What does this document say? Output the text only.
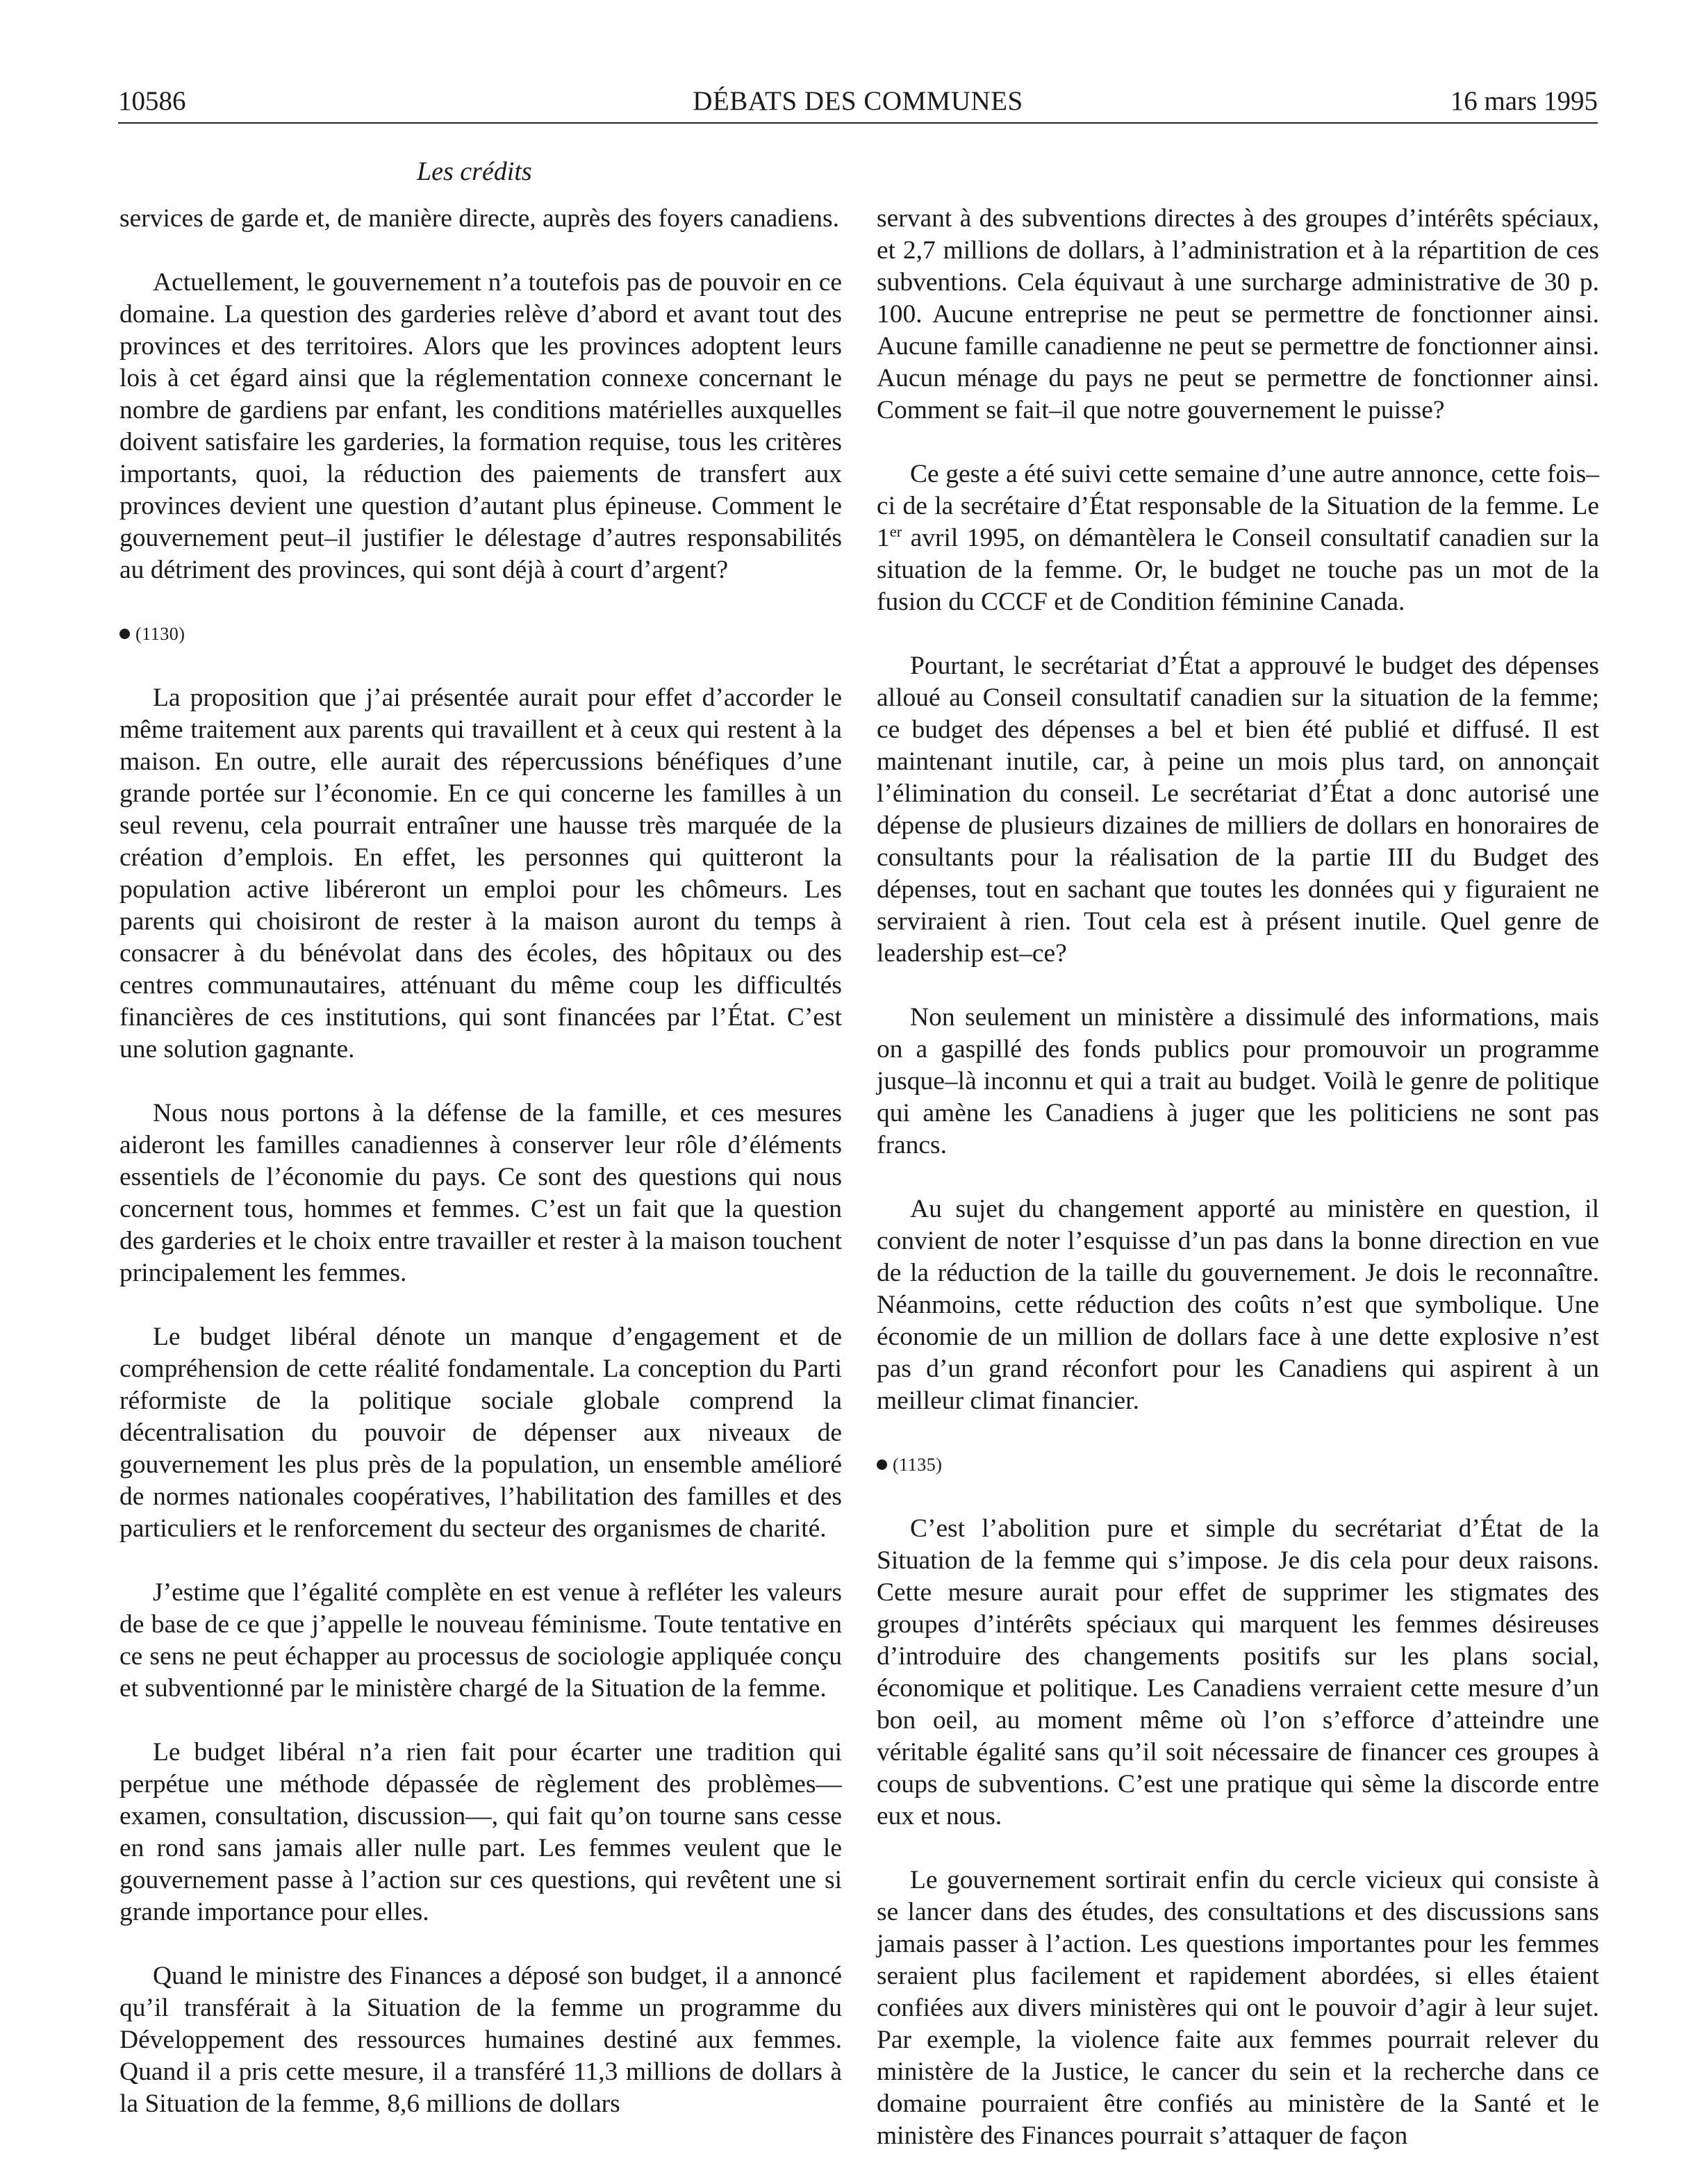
10586	DÉBATS DES COMMUNES	16 mars 1995
Les crédits

services de garde et, de manière directe, auprès des foyers canadiens.

Actuellement, le gouvernement n’a toutefois pas de pouvoir en ce domaine. La question des garderies relève d’abord et avant tout des provinces et des territoires. Alors que les provinces adoptent leurs lois à cet égard ainsi que la réglementation connexe concernant le nombre de gardiens par enfant, les conditions matérielles auxquelles doivent satisfaire les garderies, la formation requise, tous les critères importants, quoi, la réduction des paiements de transfert aux provinces devient une question d’autant plus épineuse. Comment le gouvernement peut–il justifier le délestage d’autres responsabilités au détriment des provinces, qui sont déjà à court d’argent?

(1130)

La proposition que j’ai présentée aurait pour effet d’accorder le même traitement aux parents qui travaillent et à ceux qui restent à la maison. En outre, elle aurait des répercussions bénéfiques d’une grande portée sur l’économie. En ce qui concerne les familles à un seul revenu, cela pourrait entraîner une hausse très marquée de la création d’emplois. En effet, les personnes qui quitteront la population active libéreront un emploi pour les chômeurs. Les parents qui choisiront de rester à la maison auront du temps à consacrer à du bénévolat dans des écoles, des hôpitaux ou des centres communautaires, atténuant du même coup les difficultés financières de ces institutions, qui sont financées par l’État. C’est une solution gagnante.

Nous nous portons à la défense de la famille, et ces mesures aideront les familles canadiennes à conserver leur rôle d’éléments essentiels de l’économie du pays. Ce sont des questions qui nous concernent tous, hommes et femmes. C’est un fait que la question des garderies et le choix entre travailler et rester à la maison touchent principalement les femmes.

Le budget libéral dénote un manque d’engagement et de compréhension de cette réalité fondamentale. La conception du Parti réformiste de la politique sociale globale comprend la décentralisation du pouvoir de dépenser aux niveaux de gouvernement les plus près de la population, un ensemble amélioré de normes nationales coopératives, l’habilitation des familles et des particuliers et le renforcement du secteur des organismes de charité.

J’estime que l’égalité complète en est venue à refléter les valeurs de base de ce que j’appelle le nouveau féminisme. Toute tentative en ce sens ne peut échapper au processus de sociologie appliquée conçu et subventionné par le ministère chargé de la Situation de la femme.

Le budget libéral n’a rien fait pour écarter une tradition qui perpétue une méthode dépassée de règlement des problèmes— examen, consultation, discussion—, qui fait qu’on tourne sans cesse en rond sans jamais aller nulle part. Les femmes veulent que le gouvernement passe à l’action sur ces questions, qui revêtent une si grande importance pour elles.

Quand le ministre des Finances a déposé son budget, il a annoncé qu’il transférait à la Situation de la femme un programme du Développement des ressources humaines destiné aux femmes. Quand il a pris cette mesure, il a transféré 11,3 millions de dollars à la Situation de la femme, 8,6 millions de dollars

servant à des subventions directes à des groupes d’intérêts spéciaux, et 2,7 millions de dollars, à l’administration et à la répartition de ces subventions. Cela équivaut à une surcharge administrative de 30 p. 100. Aucune entreprise ne peut se permettre de fonctionner ainsi. Aucune famille canadienne ne peut se permettre de fonctionner ainsi. Aucun ménage du pays ne peut se permettre de fonctionner ainsi. Comment se fait–il que notre gouvernement le puisse?

Ce geste a été suivi cette semaine d’une autre annonce, cette fois–ci de la secrétaire d’État responsable de la Situation de la femme. Le 1er avril 1995, on démantèlera le Conseil consultatif canadien sur la situation de la femme. Or, le budget ne touche pas un mot de la fusion du CCCF et de Condition féminine Canada.

Pourtant, le secrétariat d’État a approuvé le budget des dépenses alloué au Conseil consultatif canadien sur la situation de la femme; ce budget des dépenses a bel et bien été publié et diffusé. Il est maintenant inutile, car, à peine un mois plus tard, on annonçait l’élimination du conseil. Le secrétariat d’État a donc autorisé une dépense de plusieurs dizaines de milliers de dollars en honoraires de consultants pour la réalisation de la partie III du Budget des dépenses, tout en sachant que toutes les données qui y figuraient ne serviraient à rien. Tout cela est à présent inutile. Quel genre de leadership est–ce?

Non seulement un ministère a dissimulé des informations, mais on a gaspillé des fonds publics pour promouvoir un programme jusque–là inconnu et qui a trait au budget. Voilà le genre de politique qui amène les Canadiens à juger que les politiciens ne sont pas francs.

Au sujet du changement apporté au ministère en question, il convient de noter l’esquisse d’un pas dans la bonne direction en vue de la réduction de la taille du gouvernement. Je dois le reconnaître. Néanmoins, cette réduction des coûts n’est que symbolique. Une économie de un million de dollars face à une dette explosive n’est pas d’un grand réconfort pour les Canadiens qui aspirent à un meilleur climat financier.

(1135)

C’est l’abolition pure et simple du secrétariat d’État de la Situation de la femme qui s’impose. Je dis cela pour deux raisons. Cette mesure aurait pour effet de supprimer les stigmates des groupes d’intérêts spéciaux qui marquent les femmes désireuses d’introduire des changements positifs sur les plans social, économique et politique. Les Canadiens verraient cette mesure d’un bon oeil, au moment même où l’on s’efforce d’atteindre une véritable égalité sans qu’il soit nécessaire de financer ces groupes à coups de subventions. C’est une pratique qui sème la discorde entre eux et nous.

Le gouvernement sortirait enfin du cercle vicieux qui consiste à se lancer dans des études, des consultations et des discussions sans jamais passer à l’action. Les questions importantes pour les femmes seraient plus facilement et rapidement abordées, si elles étaient confiées aux divers ministères qui ont le pouvoir d’agir à leur sujet. Par exemple, la violence faite aux femmes pourrait relever du ministère de la Justice, le cancer du sein et la recherche dans ce domaine pourraient être confiés au ministère de la Santé et le ministère des Finances pourrait s’attaquer de façon
